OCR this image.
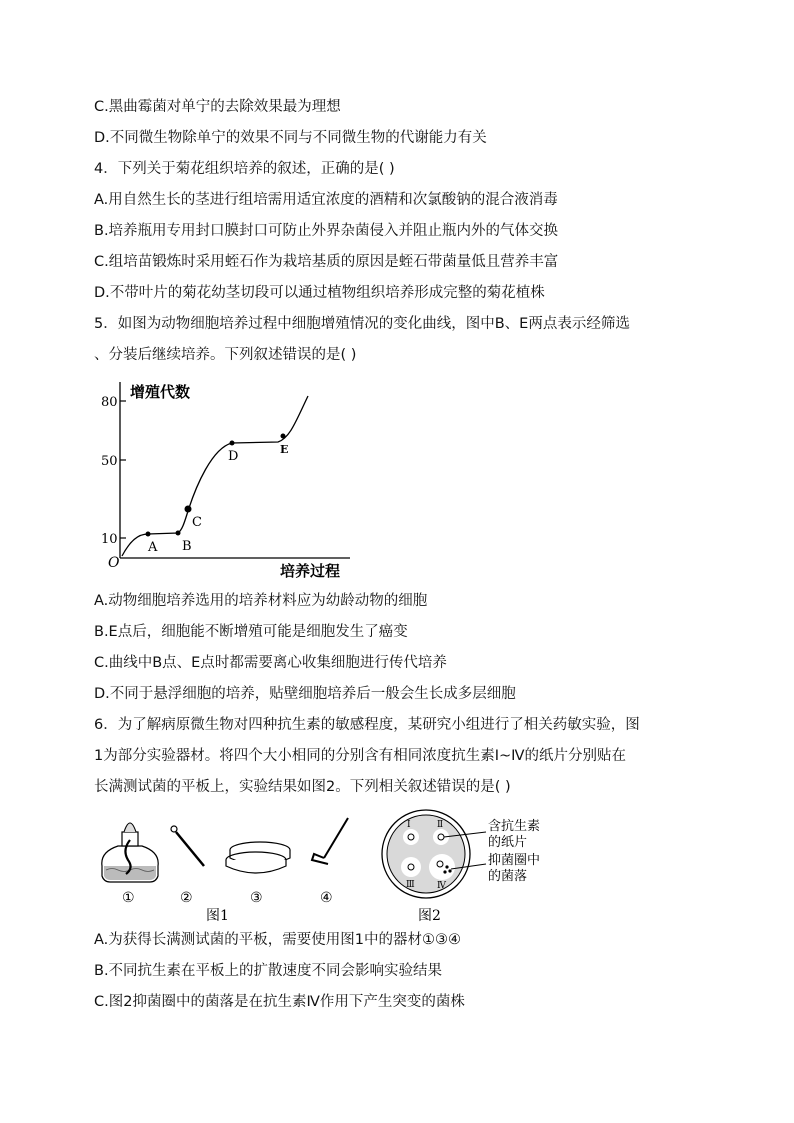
C.黑曲霉菌对单宁的去除效果最为理想
D.不同微生物除单宁的效果不同与不同微生物的代谢能力有关
4．下列关于菊花组织培养的叙述，正确的是( )
A.用自然生长的茎进行组培需用适宜浓度的酒精和次氯酸钠的混合液消毒
B.培养瓶用专用封口膜封口可防止外界杂菌侵入并阻止瓶内外的气体交换
C.组培苗锻炼时采用蛭石作为栽培基质的原因是蛭石带菌量低且营养丰富
D.不带叶片的菊花幼茎切段可以通过植物组织培养形成完整的菊花植株
5．如图为动物细胞培养过程中细胞增殖情况的变化曲线，图中B、E两点表示经筛选
、分装后继续培养。下列叙述错误的是( )
增殖代数
培养过程
O
80
50
10
A B
C
D	E
A.动物细胞培养选用的培养材料应为幼龄动物的细胞
B.E点后，细胞能不断增殖可能是细胞发生了癌变
C.曲线中B点、E点时都需要离心收集细胞进行传代培养
D.不同于悬浮细胞的培养，贴壁细胞培养后一般会生长成多层细胞
6．为了解病原微生物对四种抗生素的敏感程度，某研究小组进行了相关药敏实验，图
1为部分实验器材。将四个大小相同的分别含有相同浓度抗生素Ⅰ~Ⅳ的纸片分别贴在
长满测试菌的平板上，实验结果如图2。下列相关叙述错误的是( )
①	②	③	④
图1
Ⅰ	Ⅱ
Ⅲ Ⅳ
含抗生素
的纸片
抑菌圈中
的菌落
图2
A.为获得长满测试菌的平板，需要使用图1中的器材①③④
B.不同抗生素在平板上的扩散速度不同会影响实验结果
C.图2抑菌圈中的菌落是在抗生素Ⅳ作用下产生突变的菌株
